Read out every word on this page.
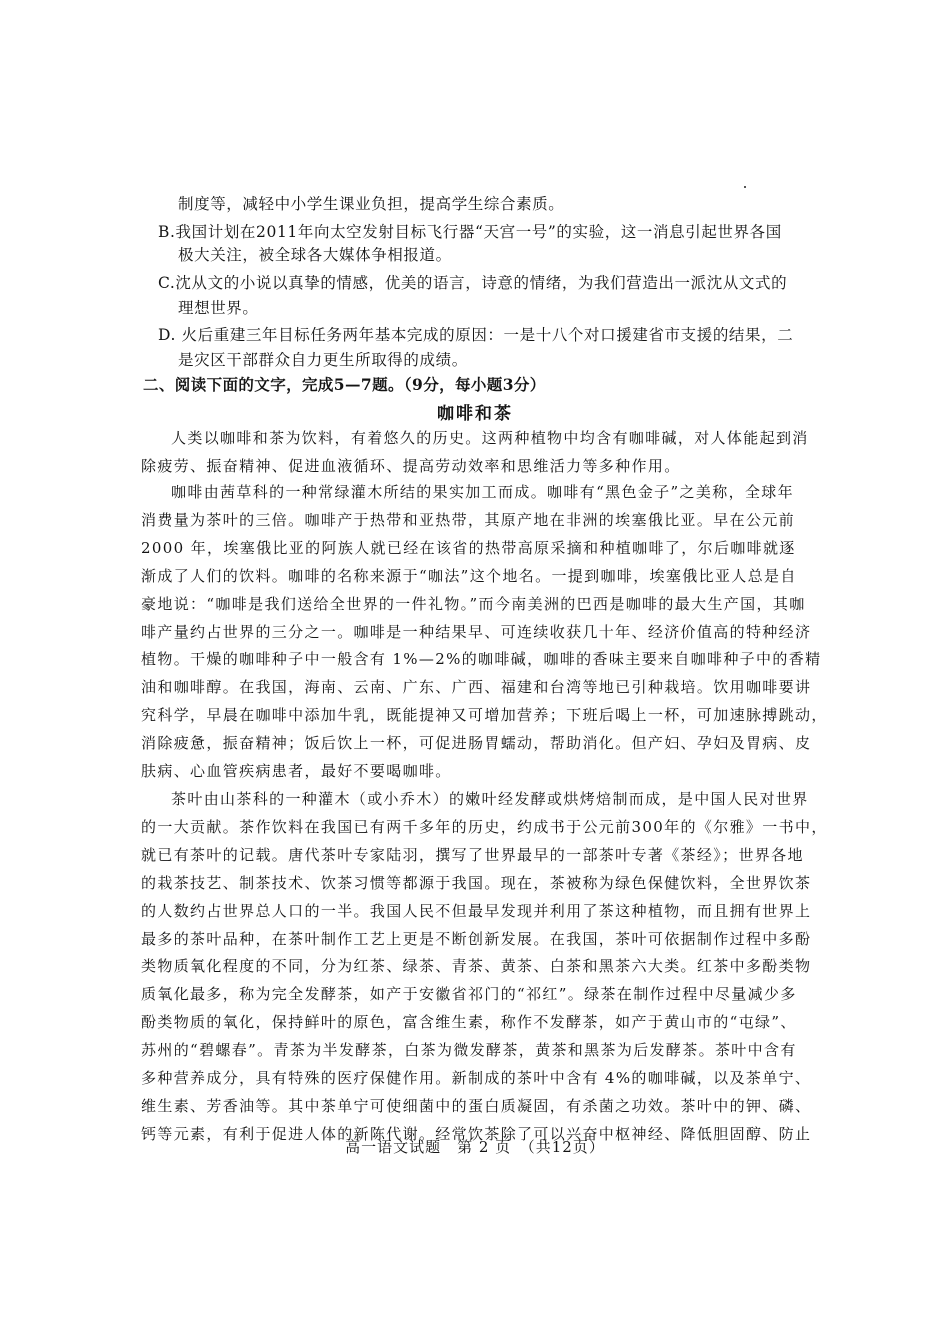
制度等，减轻中小学生课业负担，提高学生综合素质。
B.我国计划在2011年向太空发射目标飞行器“天宫一号”的实验，这一消息引起世界各国
极大关注，被全球各大媒体争相报道。
C.沈从文的小说以真挚的情感，优美的语言，诗意的情绪，为我们营造出一派沈从文式的
理想世界。
D. 火后重建三年目标任务两年基本完成的原因：一是十八个对口援建省市支援的结果，二
是灾区干部群众自力更生所取得的成绩。
二、阅读下面的文字，完成5—7题。（9分，每小题3分）
咖啡和茶
人类以咖啡和茶为饮料，有着悠久的历史。这两种植物中均含有咖啡碱，对人体能起到消
除疲劳、振奋精神、促进血液循环、提高劳动效率和思维活力等多种作用。
咖啡由茜草科的一种常绿灌木所结的果实加工而成。咖啡有“黑色金子”之美称，全球年
消费量为茶叶的三倍。咖啡产于热带和亚热带，其原产地在非洲的埃塞俄比亚。早在公元前
2000 年，埃塞俄比亚的阿族人就已经在该省的热带高原采摘和种植咖啡了，尔后咖啡就逐
渐成了人们的饮料。咖啡的名称来源于“咖法”这个地名。一提到咖啡，埃塞俄比亚人总是自
豪地说：“咖啡是我们送给全世界的一件礼物。”而今南美洲的巴西是咖啡的最大生产国，其咖
啡产量约占世界的三分之一。咖啡是一种结果早、可连续收获几十年、经济价值高的特种经济
植物。干燥的咖啡种子中一般含有 1%—2%的咖啡碱，咖啡的香味主要来自咖啡种子中的香精
油和咖啡醇。在我国，海南、云南、广东、广西、福建和台湾等地已引种栽培。饮用咖啡要讲
究科学，早晨在咖啡中添加牛乳，既能提神又可增加营养；下班后喝上一杯，可加速脉搏跳动，
消除疲惫，振奋精神；饭后饮上一杯，可促进肠胃蠕动，帮助消化。但产妇、孕妇及胃病、皮
肤病、心血管疾病患者，最好不要喝咖啡。
茶叶由山茶科的一种灌木（或小乔木）的嫩叶经发酵或烘烤焙制而成，是中国人民对世界
的一大贡献。茶作饮料在我国已有两千多年的历史，约成书于公元前300年的《尔雅》一书中，
就已有茶叶的记载。唐代茶叶专家陆羽，撰写了世界最早的一部茶叶专著《茶经》；世界各地
的栽茶技艺、制茶技术、饮茶习惯等都源于我国。现在，茶被称为绿色保健饮料，全世界饮茶
的人数约占世界总人口的一半。我国人民不但最早发现并利用了茶这种植物，而且拥有世界上
最多的茶叶品种，在茶叶制作工艺上更是不断创新发展。在我国，茶叶可依据制作过程中多酚
类物质氧化程度的不同，分为红茶、绿茶、青茶、黄茶、白茶和黑茶六大类。红茶中多酚类物
质氧化最多，称为完全发酵茶，如产于安徽省祁门的“祁红”。绿茶在制作过程中尽量减少多
酚类物质的氧化，保持鲜叶的原色，富含维生素，称作不发酵茶，如产于黄山市的“屯绿”、
苏州的“碧螺春”。青茶为半发酵茶，白茶为微发酵茶，黄茶和黑茶为后发酵茶。茶叶中含有
多种营养成分，具有特殊的医疗保健作用。新制成的茶叶中含有 4%的咖啡碱，以及茶单宁、
维生素、芳香油等。其中茶单宁可使细菌中的蛋白质凝固，有杀菌之功效。茶叶中的钾、磷、
钙等元素，有利于促进人体的新陈代谢。经常饮茶除了可以兴奋中枢神经、降低胆固醇、防止
高一语文试题　第 2 页　（共12页）
